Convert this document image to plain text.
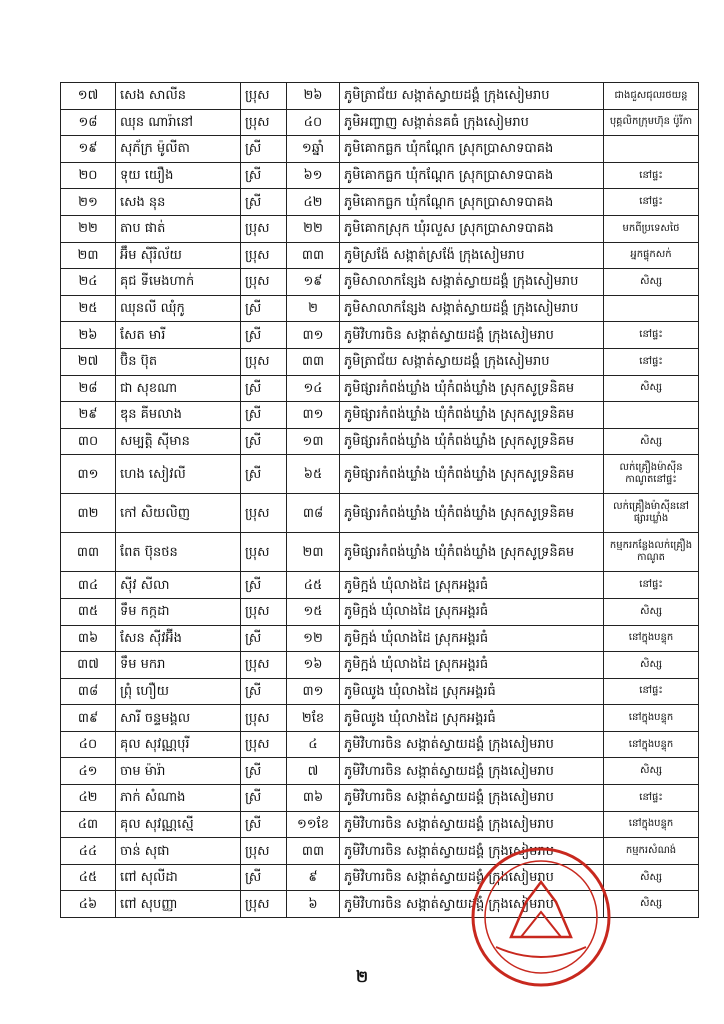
១៧	សេង សាលីន	ប្រុស	២៦	ភូមិត្រាជ័យ សង្កាត់ស្វាយដង្គំ ក្រុងសៀមរាប	ជាងជួសជុលរថយន្ត
១៨	ឈុន ណារ៉ានៅ	ប្រុស	៤០	ភូមិអញ្ចាញ សង្កាត់នគធំ ក្រុងសៀមរាប	បុគ្គលិកក្រុមហ៊ុន ប៉ូរីកា
១៩	សុភ័ក្រ ម៉ូលីតា	ស្រី	១ឆ្នាំ	ភូមិគោកធ្លក ឃុំកណ្ដែក ស្រុកប្រាសាទបាគង	
២០	ទុយ យឿង	ស្រី	៦១	ភូមិគោកធ្លក ឃុំកណ្ដែក ស្រុកប្រាសាទបាគង	នៅផ្ទះ
២១	សេង នុន	ស្រី	៤២	ភូមិគោកធ្លក ឃុំកណ្ដែក ស្រុកប្រាសាទបាគង	នៅផ្ទះ
២២	តាប ផាត់	ប្រុស	២២	ភូមិគោកស្រុក ឃុំរលួស ស្រុកប្រាសាទបាគង	មកពីប្រទេសថៃ
២៣	អ៊ឹម ស៊ីរិល័យ	ប្រុស	៣៣	ភូមិស្រង៉ែ សង្កាត់ស្រង៉ែ ក្រុងសៀមរាប	អ្នកផ្ទុកសក់
២៤	គុជ ទីមេងហាក់	ប្រុស	១៩	ភូមិសាលាកន្សែង សង្កាត់ស្វាយដង្គំ ក្រុងសៀមរាប	សិស្ស
២៥	ឈុនលី ឈុំកូ	ស្រី	២	ភូមិសាលាកន្សែង សង្កាត់ស្វាយដង្គំ ក្រុងសៀមរាប	
២៦	សែត មារី	ស្រី	៣១	ភូមិវិហារចិន សង្កាត់ស្វាយដង្គំ ក្រុងសៀមរាប	នៅផ្ទះ
២៧	ប៊ិន ប៊ុត	ប្រុស	៣៣	ភូមិត្រាជ័យ សង្កាត់ស្វាយដង្គំ ក្រុងសៀមរាប	នៅផ្ទះ
២៨	ជា សុខណា	ស្រី	១៤	ភូមិផ្សារកំពង់ឃ្លាំង ឃុំកំពង់ឃ្លាំង ស្រុកសូទ្រនិគម	សិស្ស
២៩	ឌុន គីមលាង	ស្រី	៣១	ភូមិផ្សារកំពង់ឃ្លាំង ឃុំកំពង់ឃ្លាំង ស្រុកសូទ្រនិគម	
៣០	សម្បត្តិ ស៊ីមាន	ស្រី	១៣	ភូមិផ្សារកំពង់ឃ្លាំង ឃុំកំពង់ឃ្លាំង ស្រុកសូទ្រនិគម	សិស្ស
៣១	ហេង សៀវលី	ស្រី	៦៥	ភូមិផ្សារកំពង់ឃ្លាំង ឃុំកំពង់ឃ្លាំង ស្រុកសូទ្រនិគម	លក់គ្រឿងម៉ាស៊ីនកាណូតនៅផ្ទះ
៣២	កៅ សិយលិញ	ប្រុស	៣៨	ភូមិផ្សារកំពង់ឃ្លាំង ឃុំកំពង់ឃ្លាំង ស្រុកសូទ្រនិគម	លក់គ្រឿងម៉ាស៊ីននៅផ្សារឃ្លាំង
៣៣	ពែត ប៊ុនថន	ប្រុស	២៣	ភូមិផ្សារកំពង់ឃ្លាំង ឃុំកំពង់ឃ្លាំង ស្រុកសូទ្រនិគម	កម្មករកន្លែងលក់គ្រឿងកាណូត
៣៤	ស៊ីវ សីលា	ស្រី	៤៥	ភូមិក្អង់ ឃុំលាងដៃ ស្រុកអង្គរធំ	នៅផ្ទះ
៣៥	ទឹម កក្កដា	ប្រុស	១៥	ភូមិក្អង់ ឃុំលាងដៃ ស្រុកអង្គរធំ	សិស្ស
៣៦	សែន ស៊ីវអ៊ីង	ស្រី	១២	ភូមិក្អង់ ឃុំលាងដៃ ស្រុកអង្គរធំ	នៅក្នុងបន្ទុក
៣៧	ទឹម មករា	ប្រុស	១៦	ភូមិក្អង់ ឃុំលាងដៃ ស្រុកអង្គរធំ	សិស្ស
៣៨	ព្រុំ ហឿយ	ស្រី	៣១	ភូមិឈូង ឃុំលាងដៃ ស្រុកអង្គរធំ	នៅផ្ទះ
៣៩	សារី ចន្ទមង្គល	ប្រុស	២ខែ	ភូមិឈូង ឃុំលាងដៃ ស្រុកអង្គរធំ	នៅក្នុងបន្ទុក
៤០	គុល សុវណ្ណបុរី	ប្រុស	៤	ភូមិវិហារចិន សង្កាត់ស្វាយដង្គំ ក្រុងសៀមរាប	នៅក្នុងបន្ទុក
៤១	ចាម ម៉ារ៉ា	ស្រី	៧	ភូមិវិហារចិន សង្កាត់ស្វាយដង្គំ ក្រុងសៀមរាប	សិស្ស
៤២	ភាក់ សំណាង	ស្រី	៣៦	ភូមិវិហារចិន សង្កាត់ស្វាយដង្គំ ក្រុងសៀមរាប	នៅផ្ទះ
៤៣	គុល សុវណ្ណស្មើ	ស្រី	១១ខែ	ភូមិវិហារចិន សង្កាត់ស្វាយដង្គំ ក្រុងសៀមរាប	នៅក្នុងបន្ទុក
៤៤	ចាន់ សុផា	ប្រុស	៣៣	ភូមិវិហារចិន សង្កាត់ស្វាយដង្គំ ក្រុងសៀមរាប	កម្មករសំណង់
៤៥	ពៅ សុលីដា	ស្រី	៩	ភូមិវិហារចិន សង្កាត់ស្វាយដង្គំ ក្រុងសៀមរាប	សិស្ស
៤៦	ពៅ សុបញ្ញា	ប្រុស	៦	ភូមិវិហារចិន សង្កាត់ស្វាយដង្គំ ក្រុងសៀមរាប	សិស្ស
២
